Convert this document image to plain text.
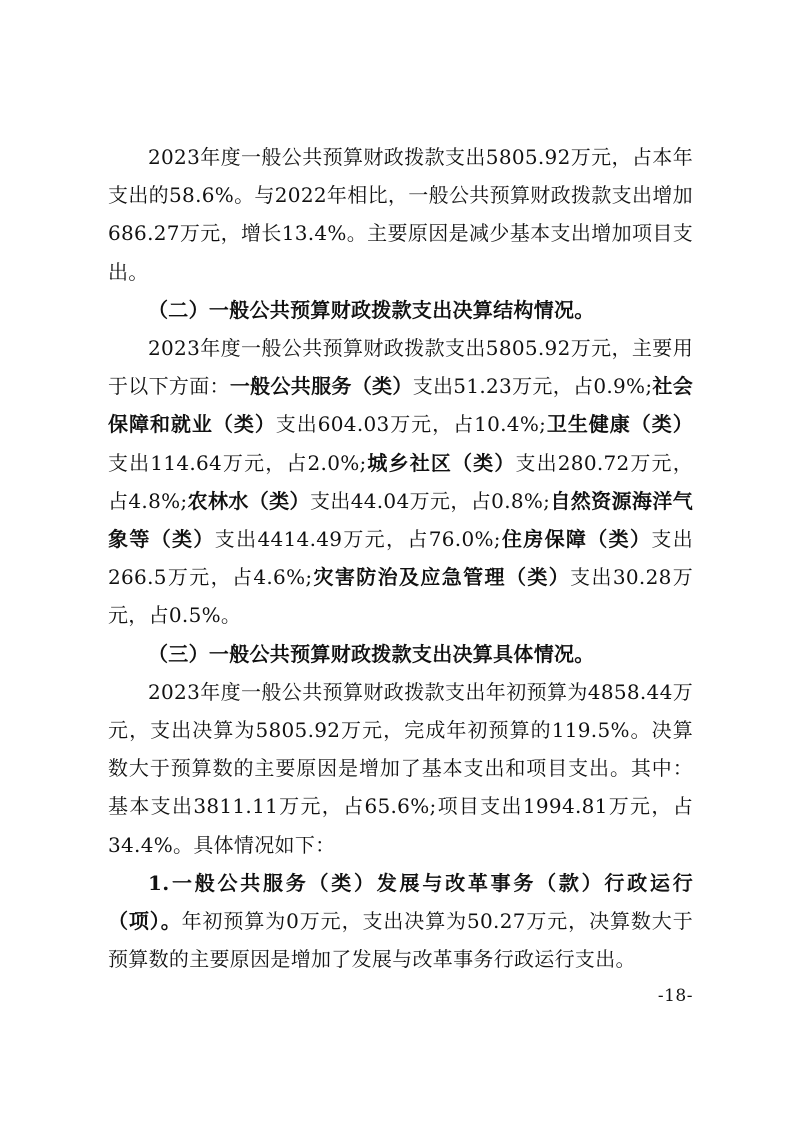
2023年度一般公共预算财政拨款支出5805.92万元，占本年支出的58.6%。与2022年相比，一般公共预算财政拨款支出增加686.27万元，增长13.4%。主要原因是减少基本支出增加项目支出。

（二）一般公共预算财政拨款支出决算结构情况。

2023年度一般公共预算财政拨款支出5805.92万元，主要用于以下方面：一般公共服务（类）支出51.23万元，占0.9%;社会保障和就业（类）支出604.03万元，占10.4%;卫生健康（类）支出114.64万元，占2.0%;城乡社区（类）支出280.72万元，占4.8%;农林水（类）支出44.04万元，占0.8%;自然资源海洋气象等（类）支出4414.49万元，占76.0%;住房保障（类）支出266.5万元，占4.6%;灾害防治及应急管理（类）支出30.28万元，占0.5%。

（三）一般公共预算财政拨款支出决算具体情况。

2023年度一般公共预算财政拨款支出年初预算为4858.44万元，支出决算为5805.92万元，完成年初预算的119.5%。决算数大于预算数的主要原因是增加了基本支出和项目支出。其中：基本支出3811.11万元，占65.6%;项目支出1994.81万元，占34.4%。具体情况如下：

1.一般公共服务（类）发展与改革事务（款）行政运行（项）。年初预算为0万元，支出决算为50.27万元，决算数大于预算数的主要原因是增加了发展与改革事务行政运行支出。

-18-
